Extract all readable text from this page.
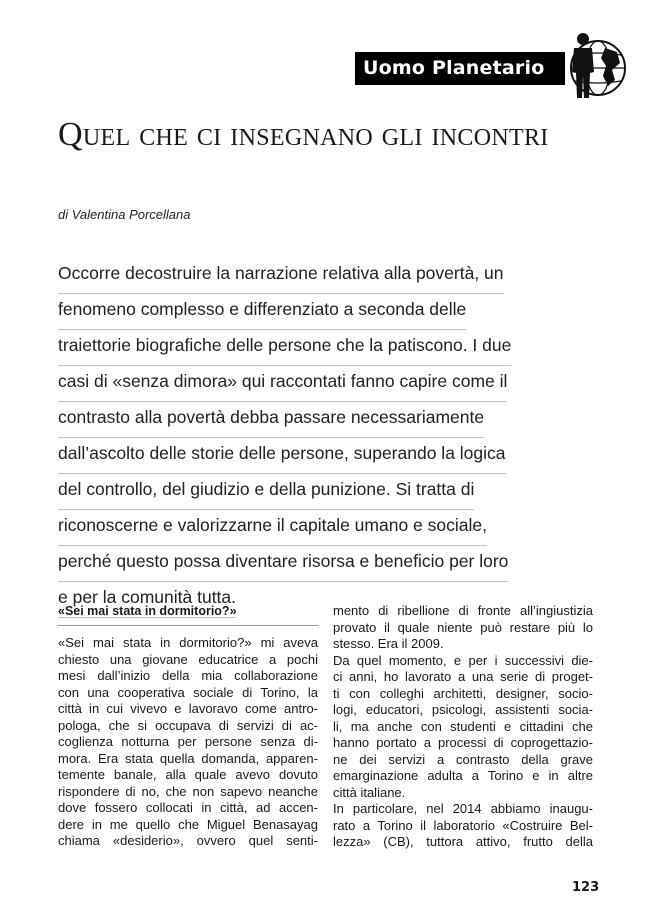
Uomo Planetario
Quel che ci insegnano gli incontri
di Valentina Porcellana
Occorre decostruire la narrazione relativa alla povertà, un
fenomeno complesso e differenziato a seconda delle
traiettorie biografiche delle persone che la patiscono. I due
casi di «senza dimora» qui raccontati fanno capire come il
contrasto alla povertà debba passare necessariamente
dall’ascolto delle storie delle persone, superando la logica
del controllo, del giudizio e della punizione. Si tratta di
riconoscerne e valorizzarne il capitale umano e sociale,
perché questo possa diventare risorsa e beneficio per loro
e per la comunità tutta.
«Sei mai stata in dormitorio?»
«Sei mai stata in dormitorio?» mi aveva
chiesto una giovane educatrice a pochi
mesi dall’inizio della mia collaborazione
con una cooperativa sociale di Torino, la
città in cui vivevo e lavoravo come antro-
pologa, che si occupava di servizi di ac-
coglienza notturna per persone senza di-
mora. Era stata quella domanda, apparen-
temente banale, alla quale avevo dovuto
rispondere di no, che non sapevo neanche
dove fossero collocati in città, ad accen-
dere in me quello che Miguel Benasayag
chiama «desiderio», ovvero quel senti-
mento di ribellione di fronte all’ingiustizia
provato il quale niente può restare più lo
stesso. Era il 2009.
Da quel momento, e per i successivi die-
ci anni, ho lavorato a una serie di proget-
ti con colleghi architetti, designer, socio-
logi, educatori, psicologi, assistenti socia-
li, ma anche con studenti e cittadini che
hanno portato a processi di coprogettazio-
ne dei servizi a contrasto della grave
emarginazione adulta a Torino e in altre
città italiane.
In particolare, nel 2014 abbiamo inaugu-
rato a Torino il laboratorio «Costruire Bel-
lezza» (CB), tuttora attivo, frutto della
123
